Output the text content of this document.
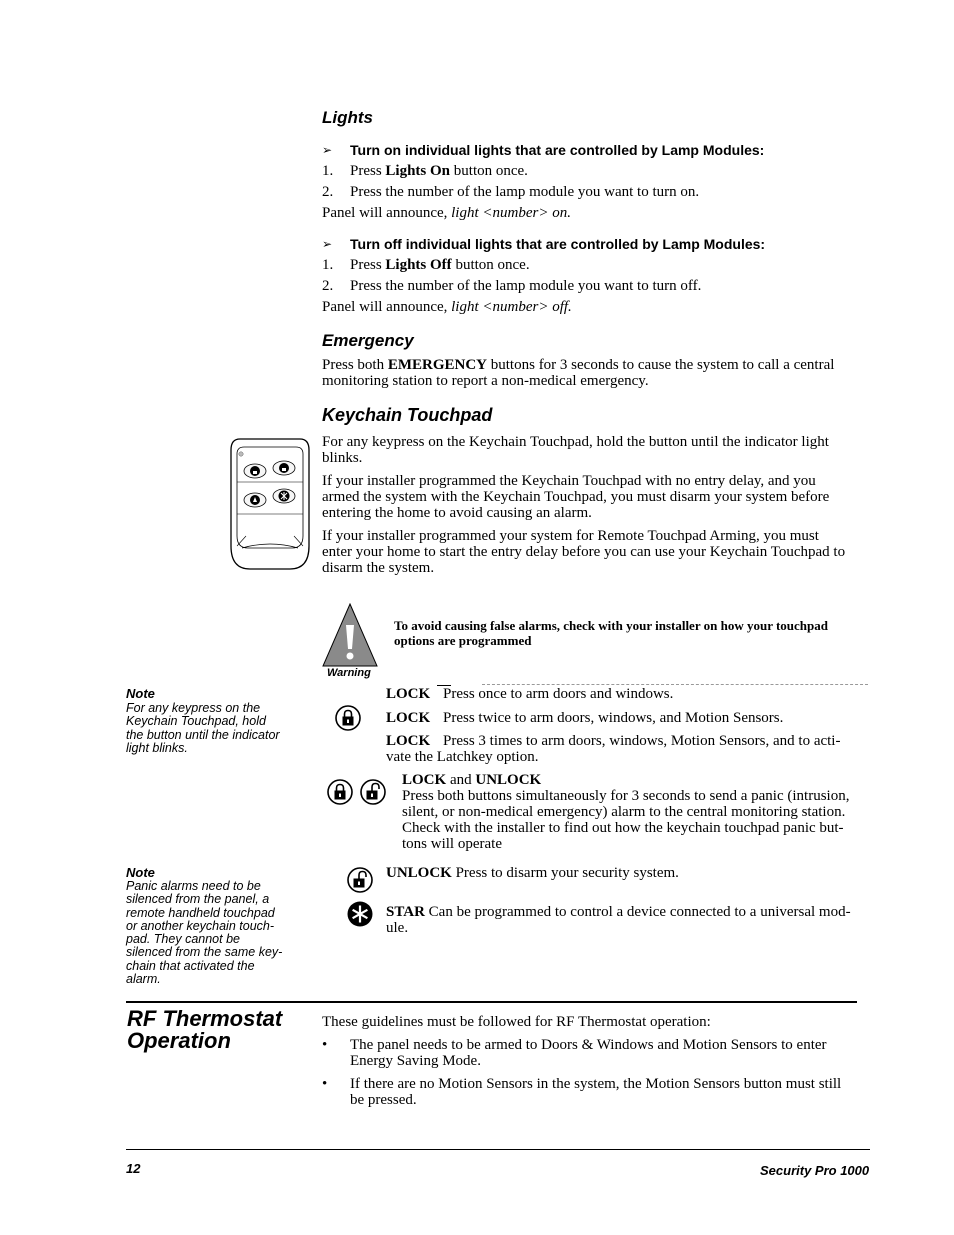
Lights
➢ Turn on individual lights that are controlled by Lamp Modules:
1. Press Lights On button once.
2. Press the number of the lamp module you want to turn on.
Panel will announce, light <number> on.
➢ Turn off individual lights that are controlled by Lamp Modules:
1. Press Lights Off button once.
2. Press the number of the lamp module you want to turn off.
Panel will announce, light <number> off.
Emergency
Press both EMERGENCY buttons for 3 seconds to cause the system to call a central
monitoring station to report a non-medical emergency.
Keychain Touchpad
For any keypress on the Keychain Touchpad, hold the button until the indicator light
blinks.
If your installer programmed the Keychain Touchpad with no entry delay, and you
armed the system with the Keychain Touchpad, you must disarm your system before
entering the home to avoid causing an alarm.
If your installer programmed your system for Remote Touchpad Arming, you must
enter your home to start the entry delay before you can use your Keychain Touchpad to
disarm the system.
Warning
To avoid causing false alarms, check with your installer on how your touchpad
options are programmed
Note
For any keypress on the
Keychain Touchpad, hold
the button until the indicator
light blinks.
Note
Panic alarms need to be
silenced from the panel, a
remote handheld touchpad
or another keychain touch-
pad. They cannot be
silenced from the same key-
chain that activated the
alarm.
LOCK Press once to arm doors and windows.
LOCK Press twice to arm doors, windows, and Motion Sensors.
LOCK Press 3 times to arm doors, windows, Motion Sensors, and to acti-
vate the Latchkey option.
LOCK and UNLOCK
Press both buttons simultaneously for 3 seconds to send a panic (intrusion,
silent, or non-medical emergency) alarm to the central monitoring station.
Check with the installer to find out how the keychain touchpad panic but-
tons will operate
UNLOCK Press to disarm your security system.
STAR Can be programmed to control a device connected to a universal mod-
ule.
RF Thermostat
Operation
These guidelines must be followed for RF Thermostat operation:
• The panel needs to be armed to Doors & Windows and Motion Sensors to enter
Energy Saving Mode.
• If there are no Motion Sensors in the system, the Motion Sensors button must still
be pressed.
12	Security Pro 1000
